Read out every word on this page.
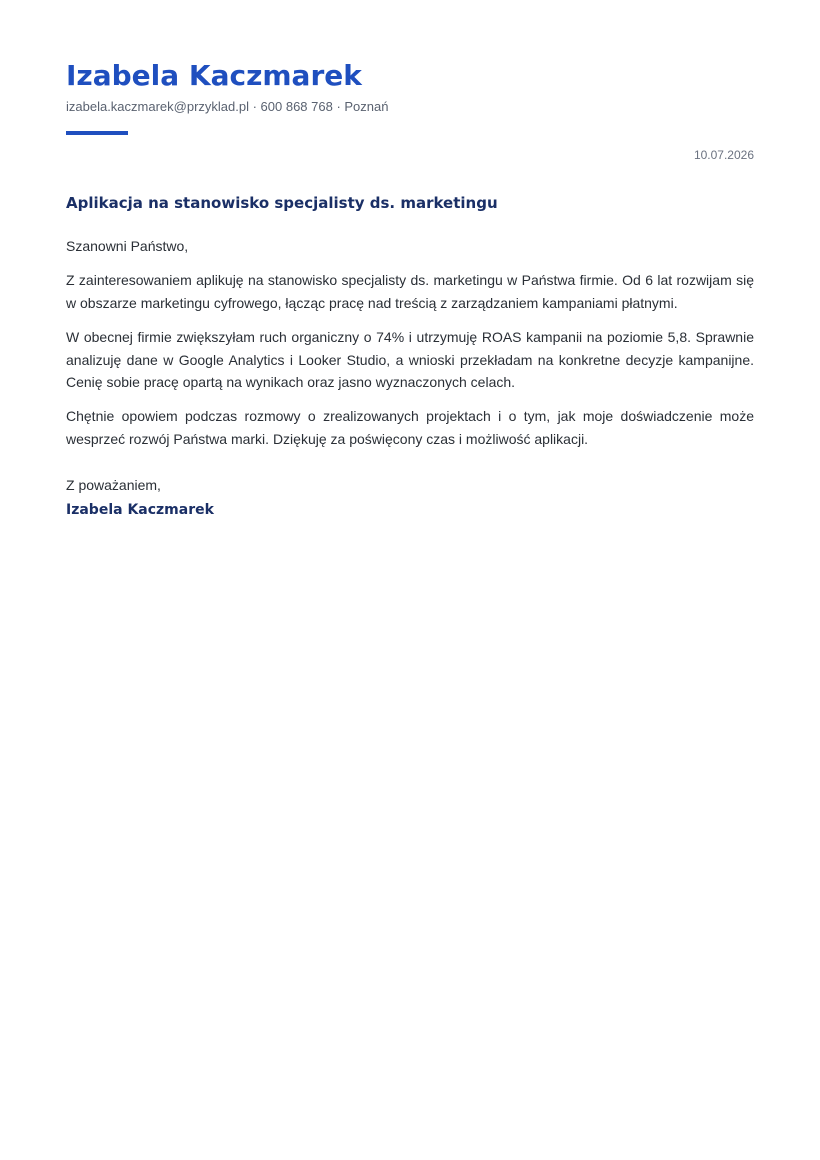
Izabela Kaczmarek
izabela.kaczmarek@przyklad.pl · 600 868 768 · Poznań
10.07.2026
Aplikacja na stanowisko specjalisty ds. marketingu
Szanowni Państwo,

Z zainteresowaniem aplikuję na stanowisko specjalisty ds. marketingu w Państwa firmie. Od 6 lat rozwijam się w obszarze marketingu cyfrowego, łącząc pracę nad treścią z zarządzaniem kampaniami płatnymi.

W obecnej firmie zwiększyłam ruch organiczny o 74% i utrzymuję ROAS kampanii na poziomie 5,8. Sprawnie analizuję dane w Google Analytics i Looker Studio, a wnioski przekładam na konkretne decyzje kampanijne. Cenię sobie pracę opartą na wynikach oraz jasno wyznaczonych celach.

Chętnie opowiem podczas rozmowy o zrealizowanych projektach i o tym, jak moje doświadczenie może wesprzeć rozwój Państwa marki. Dziękuję za poświęcony czas i możliwość aplikacji.

Z poważaniem,
Izabela Kaczmarek
